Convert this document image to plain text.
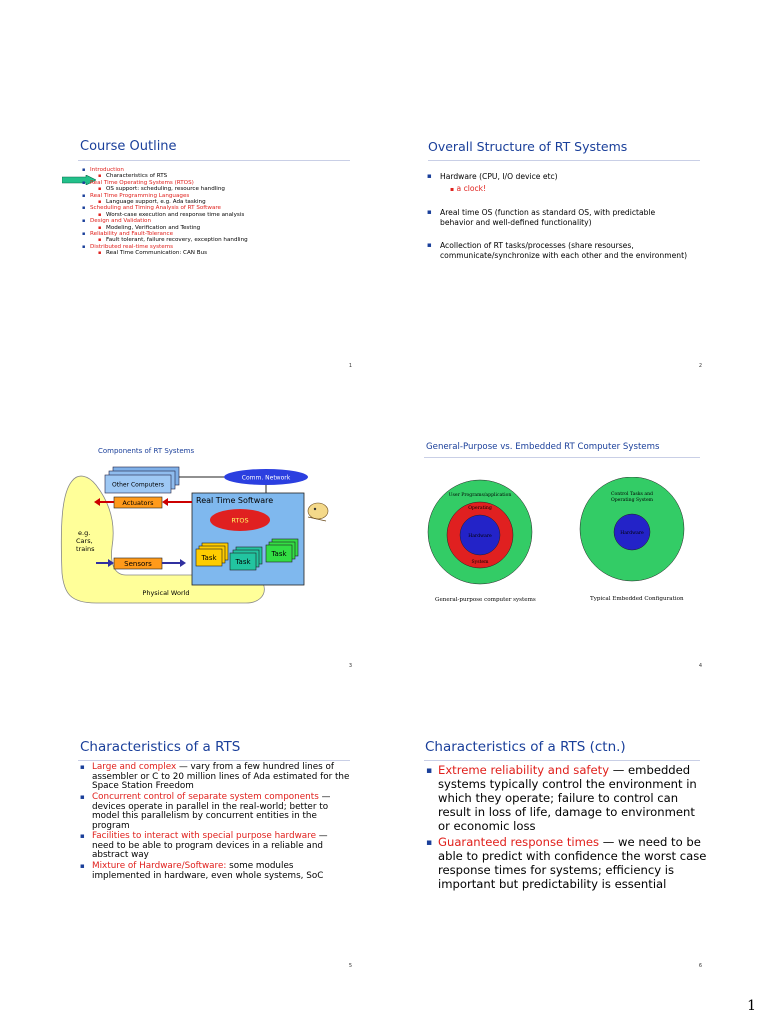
Course Outline
▪ Introduction
▪ Characteristics of RTS
▪ Real Time Operating Systems (RTOS)
▪ OS support: scheduling, resource handling
▪ Real Time Programming Languages
▪ Language support, e.g. Ada tasking
▪ Scheduling and Timing Analysis of RT Software
▪ Worst-case execution and response time analysis
▪ Design and Validation
▪ Modeling, Verification and Testing
▪ Reliability and Fault-Tolerance
▪ Fault tolerant, failure recovery, exception handling
▪ Distributed real-time systems
▪ Real Time Communication: CAN Bus
1
Overall Structure of RT Systems
▪ Hardware (CPU, I/O device etc)
▪ a clock!
▪ Areal time OS (function as standard OS, with predictable behavior and well-defined functionality)
▪ Acollection of RT tasks/processes (share resourses, communicate/synchronize with each other and the environment)
2
Components of RT Systems
Comm. Network
Other Computers
Real Time Software
RTOS
Actuators
Sensors
Task	Task
Task
e.g.
Cars,
trains
Physical World
3
General-Purpose vs. Embedded RT Computer Systems
User Programs/application
Operating
Hardware
System
Control Tasks and
Operating System
Hardware
General-purpose computer systems	Typical Embedded Configuration
4
Characteristics of a RTS
▪ Large and complex — vary from a few hundred lines of assembler or C to 20 million lines of Ada estimated for the Space Station Freedom
▪ Concurrent control of separate system components — devices operate in parallel in the real-world; better to model this parallelism by concurrent entities in the program
▪ Facilities to interact with special purpose hardware — need to be able to program devices in a reliable and abstract way
▪ Mixture of Hardware/Software: some modules implemented in hardware, even whole systems, SoC
5
Characteristics of a RTS (ctn.)
▪ Extreme reliability and safety — embedded systems typically control the environment in which they operate; failure to control can result in loss of life, damage to environment or economic loss
▪ Guaranteed response times — we need to be able to predict with confidence the worst case response times for systems; efficiency is important but predictability is essential
6
1
